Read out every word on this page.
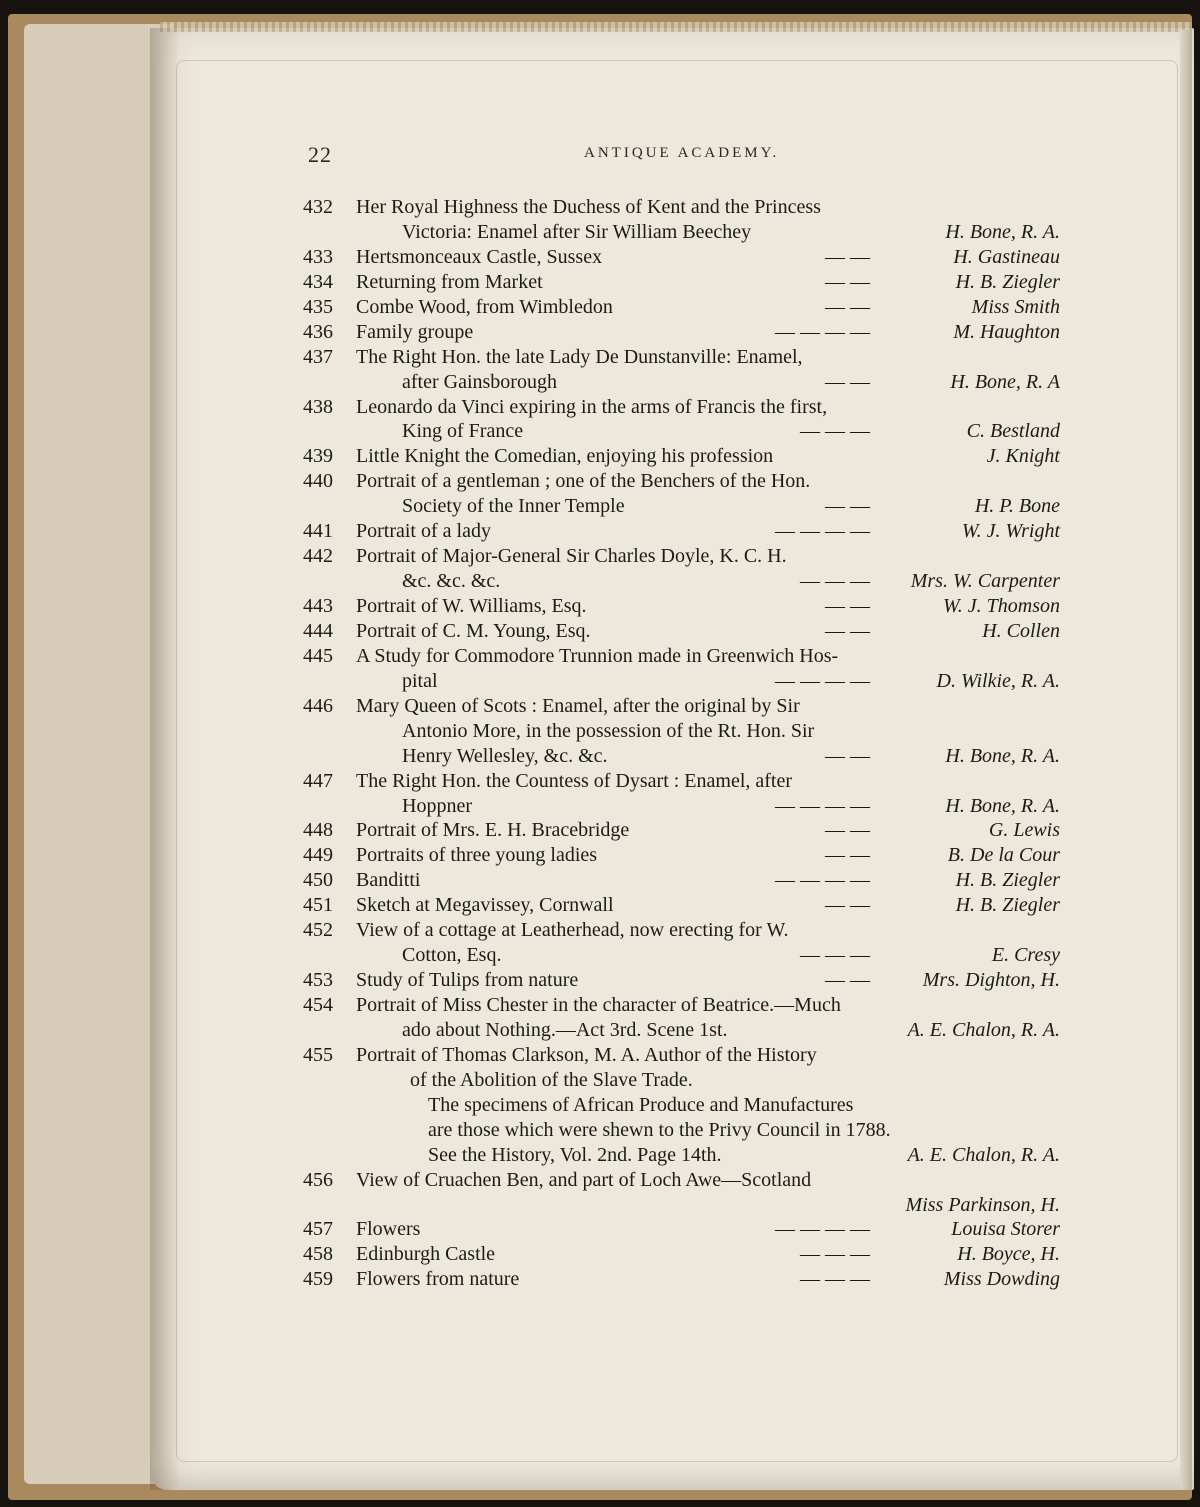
22	ANTIQUE ACADEMY.
432	Her Royal Highness the Duchess of Kent and the Princess
Victoria: Enamel after Sir William Beechey	H. Bone, R. A.
433	Hertsmonceaux Castle, Sussex	— —	H. Gastineau
434	Returning from Market	— —	H. B. Ziegler
435	Combe Wood, from Wimbledon	— —	Miss Smith
436	Family groupe	— — — —	M. Haughton
437	The Right Hon. the late Lady De Dunstanville: Enamel,
after Gainsborough	— —	H. Bone, R. A
438	Leonardo da Vinci expiring in the arms of Francis the first,
King of France	— — —	C. Bestland
439	Little Knight the Comedian, enjoying his profession	J. Knight
440	Portrait of a gentleman ; one of the Benchers of the Hon.
Society of the Inner Temple	— —	H. P. Bone
441	Portrait of a lady	— — — —	W. J. Wright
442	Portrait of Major-General Sir Charles Doyle, K. C. H.
&c. &c. &c.	— — — Mrs. W. Carpenter
443	Portrait of W. Williams, Esq.	— —	W. J. Thomson
444	Portrait of C. M. Young, Esq.	— —	H. Collen
445	A Study for Commodore Trunnion made in Greenwich Hos-
pital	— — — —	D. Wilkie, R. A.
446	Mary Queen of Scots : Enamel, after the original by Sir
Antonio More, in the possession of the Rt. Hon. Sir
Henry Wellesley, &c. &c.	— —	H. Bone, R. A.
447	The Right Hon. the Countess of Dysart : Enamel, after
Hoppner	— — — —	H. Bone, R. A.
448	Portrait of Mrs. E. H. Bracebridge	— —	G. Lewis
449	Portraits of three young ladies	— —	B. De la Cour
450	Banditti	— — — —	H. B. Ziegler
451	Sketch at Megavissey, Cornwall	— —	H. B. Ziegler
452	View of a cottage at Leatherhead, now erecting for W.
Cotton, Esq.	— — —	E. Cresy
453	Study of Tulips from nature	— —	Mrs. Dighton, H.
454	Portrait of Miss Chester in the character of Beatrice.—Much
ado about Nothing.—Act 3rd. Scene 1st.	A. E. Chalon, R. A.
455	Portrait of Thomas Clarkson, M. A. Author of the History
of the Abolition of the Slave Trade.
The specimens of African Produce and Manufactures
are those which were shewn to the Privy Council in 1788.
See the History, Vol. 2nd. Page 14th.	A. E. Chalon, R. A.
456	View of Cruachen Ben, and part of Loch Awe—Scotland
Miss Parkinson, H.
457	Flowers	— — — —	Louisa Storer
458	Edinburgh Castle	— — —	H. Boyce, H.
459	Flowers from nature	— — —	Miss Dowding
